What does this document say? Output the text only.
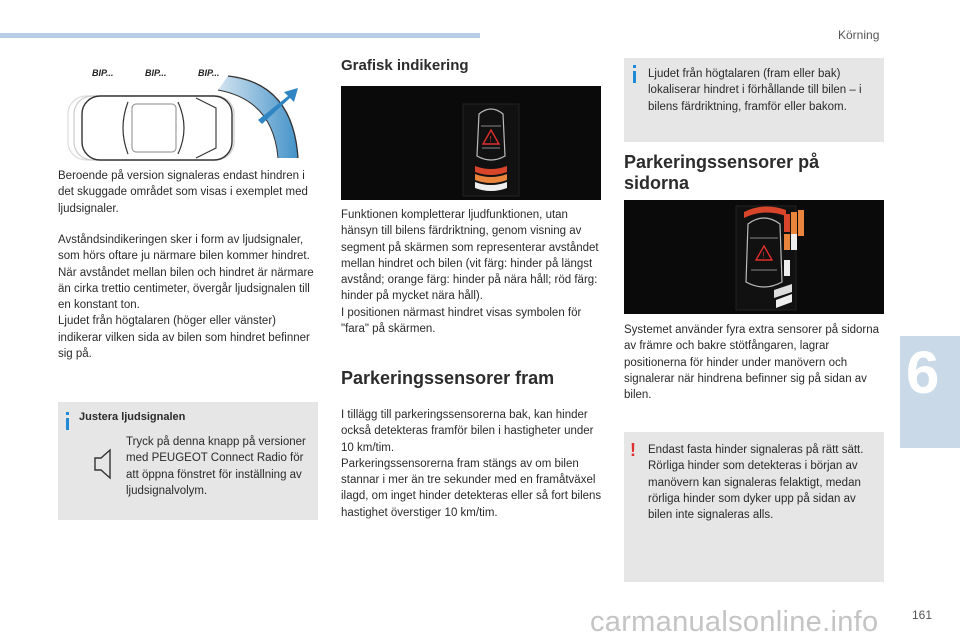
Körning
BIP...	BIP...	BIP...

Beroende på version signaleras endast hindren i det skuggade området som visas i exemplet med ljudsignaler.

Avståndsindikeringen sker i form av ljudsignaler, som hörs oftare ju närmare bilen kommer hindret.

När avståndet mellan bilen och hindret är närmare än cirka trettio centimeter, övergår ljudsignalen till en konstant ton.

Ljudet från högtalaren (höger eller vänster) indikerar vilken sida av bilen som hindret befinner sig på.

Justera ljudsignalen
Tryck på denna knapp på versioner med PEUGEOT Connect Radio för att öppna fönstret för inställning av ljudsignalvolym.
Grafisk indikering
!

Funktionen kompletterar ljudfunktionen, utan hänsyn till bilens färdriktning, genom visning av segment på skärmen som representerar avståndet mellan hindret och bilen (vit färg: hinder på längst avstånd; orange färg: hinder på nära håll; röd färg: hinder på mycket nära håll).

I positionen närmast hindret visas symbolen för "fara" på skärmen.

Parkeringssensorer fram

I tillägg till parkeringssensorerna bak, kan hinder också detekteras framför bilen i hastigheter under 10 km/tim.

Parkeringssensorerna fram stängs av om bilen stannar i mer än tre sekunder med en framåtväxel ilagd, om inget hinder detekteras eller så fort bilens hastighet överstiger 10 km/tim.

Ljudet från högtalaren (fram eller bak) lokaliserar hindret i förhållande till bilen – i bilens färdriktning, framför eller bakom.
Parkeringssensorer på sidorna
!
Systemet använder fyra extra sensorer på sidorna av främre och bakre stötfångaren, lagrar positionerna för hinder under manövern och signalerar när hindrena befinner sig på sidan av bilen.
! Endast fasta hinder signaleras på rätt sätt. Rörliga hinder som detekteras i början av manövern kan signaleras felaktigt, medan rörliga hinder som dyker upp på sidan av bilen inte signaleras alls.
6
carmanualsonline.info	161
